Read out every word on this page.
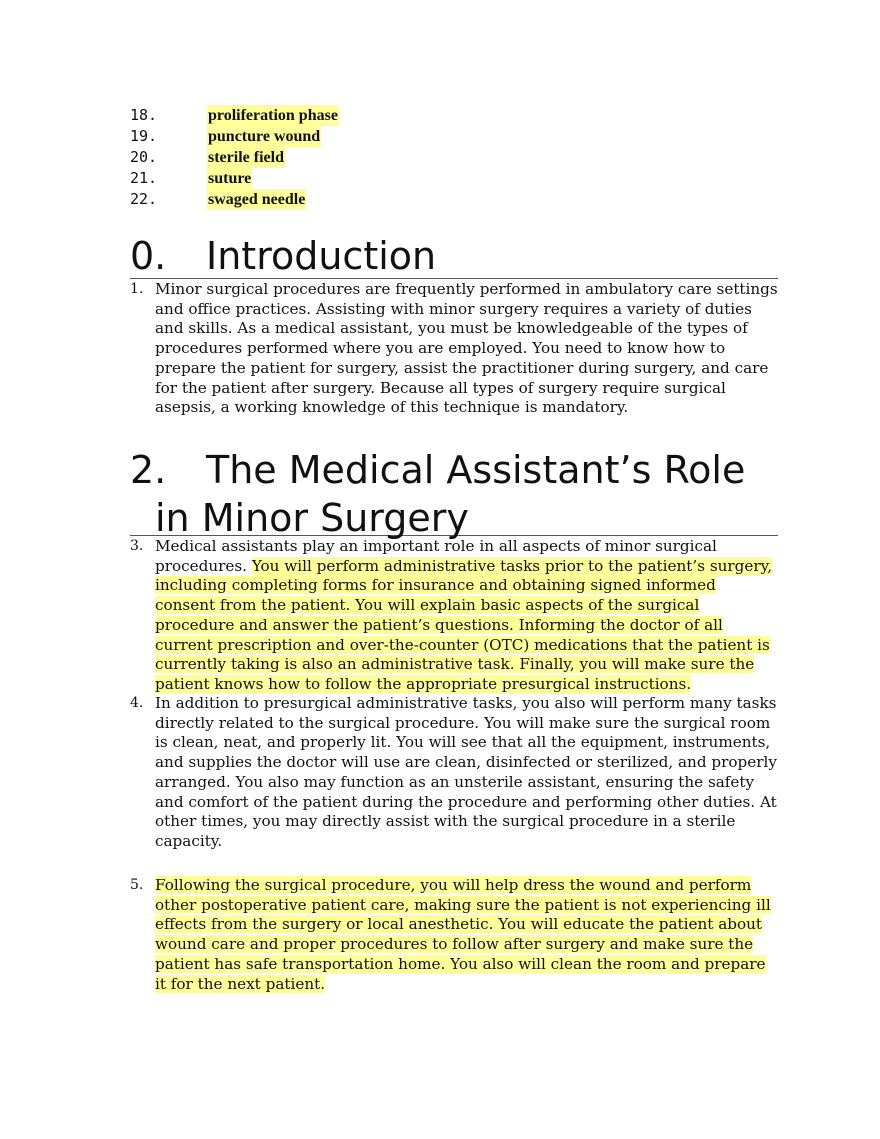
18.	proliferation phase
19.	puncture wound
20.	sterile field
21.	suture
22.	swaged needle
0. Introduction
1. Minor surgical procedures are frequently performed in ambulatory care settings and office practices. Assisting with minor surgery requires a variety of duties and skills. As a medical assistant, you must be knowledgeable of the types of procedures performed where you are employed. You need to know how to prepare the patient for surgery, assist the practitioner during surgery, and care for the patient after surgery. Because all types of surgery require surgical asepsis, a working knowledge of this technique is mandatory.
2. The Medical Assistant’s Role
in Minor Surgery
3. Medical assistants play an important role in all aspects of minor surgical procedures. You will perform administrative tasks prior to the patient’s surgery, including completing forms for insurance and obtaining signed informed consent from the patient. You will explain basic aspects of the surgical procedure and answer the patient’s questions. Informing the doctor of all current prescription and over-the-counter (OTC) medications that the patient is currently taking is also an administrative task. Finally, you will make sure the patient knows how to follow the appropriate presurgical instructions.
4. In addition to presurgical administrative tasks, you also will perform many tasks directly related to the surgical procedure. You will make sure the surgical room is clean, neat, and properly lit. You will see that all the equipment, instruments, and supplies the doctor will use are clean, disinfected or sterilized, and properly arranged. You also may function as an unsterile assistant, ensuring the safety and comfort of the patient during the procedure and performing other duties. At other times, you may directly assist with the surgical procedure in a sterile capacity.
5. Following the surgical procedure, you will help dress the wound and perform other postoperative patient care, making sure the patient is not experiencing ill effects from the surgery or local anesthetic. You will educate the patient about wound care and proper procedures to follow after surgery and make sure the patient has safe transportation home. You also will clean the room and prepare it for the next patient.
